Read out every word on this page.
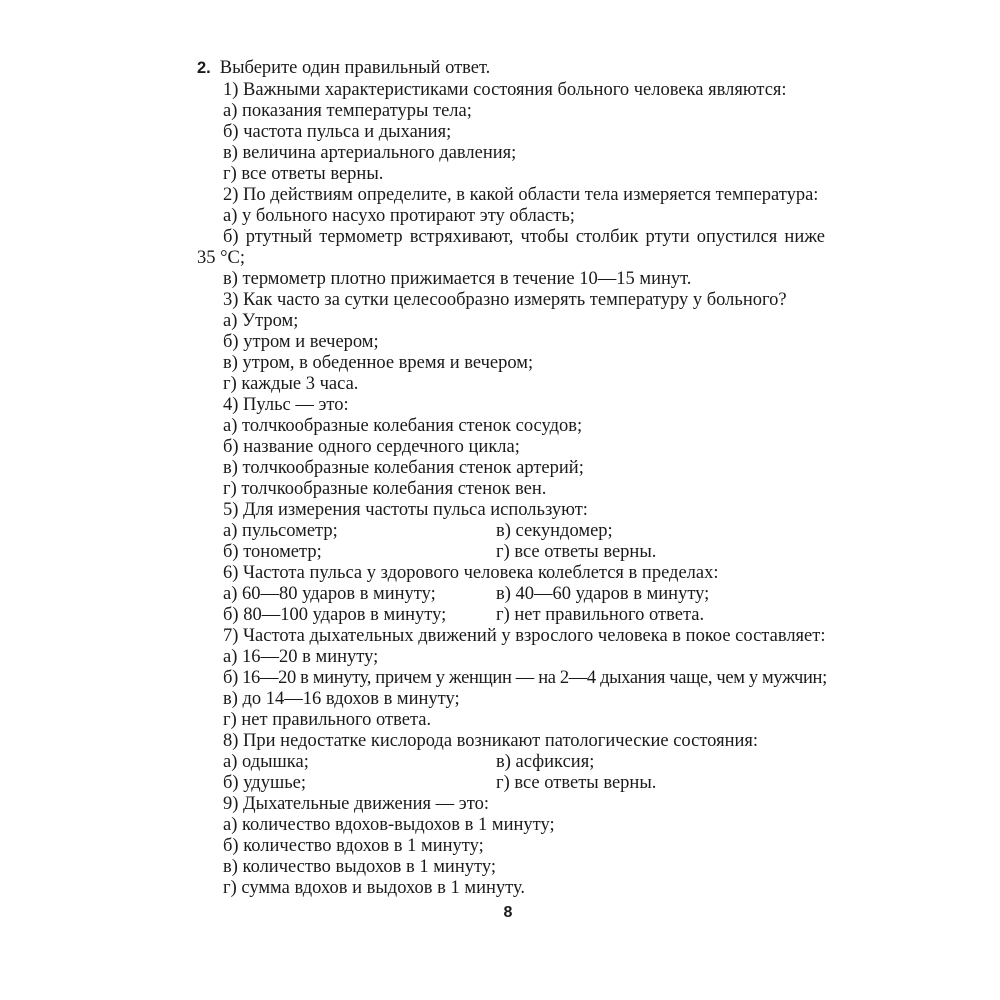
2. Выберите один правильный ответ.
1) Важными характеристиками состояния больного человека являются:
а) показания температуры тела;
б) частота пульса и дыхания;
в) величина артериального давления;
г) все ответы верны.
2) По действиям определите, в какой области тела измеряется температура:
а) у больного насухо протирают эту область;
б) ртутный термометр встряхивают, чтобы столбик ртути опустился ниже 35 °С;
в) термометр плотно прижимается в течение 10—15 минут.
3) Как часто за сутки целесообразно измерять температуру у больного?
а) Утром;
б) утром и вечером;
в) утром, в обеденное время и вечером;
г) каждые 3 часа.
4) Пульс — это:
а) толчкообразные колебания стенок сосудов;
б) название одного сердечного цикла;
в) толчкообразные колебания стенок артерий;
г) толчкообразные колебания стенок вен.
5) Для измерения частоты пульса используют:
а) пульсометр;	в) секундомер;
б) тонометр;	г) все ответы верны.
6) Частота пульса у здорового человека колеблется в пределах:
а) 60—80 ударов в минуту;	в) 40—60 ударов в минуту;
б) 80—100 ударов в минуту;	г) нет правильного ответа.
7) Частота дыхательных движений у взрослого человека в покое составляет:
а) 16—20 в минуту;
б) 16—20 в минуту, причем у женщин — на 2—4 дыхания чаще, чем у мужчин;
в) до 14—16 вдохов в минуту;
г) нет правильного ответа.
8) При недостатке кислорода возникают патологические состояния:
а) одышка;	в) асфиксия;
б) удушье;	г) все ответы верны.
9) Дыхательные движения — это:
а) количество вдохов-выдохов в 1 минуту;
б) количество вдохов в 1 минуту;
в) количество выдохов в 1 минуту;
г) сумма вдохов и выдохов в 1 минуту.
8
